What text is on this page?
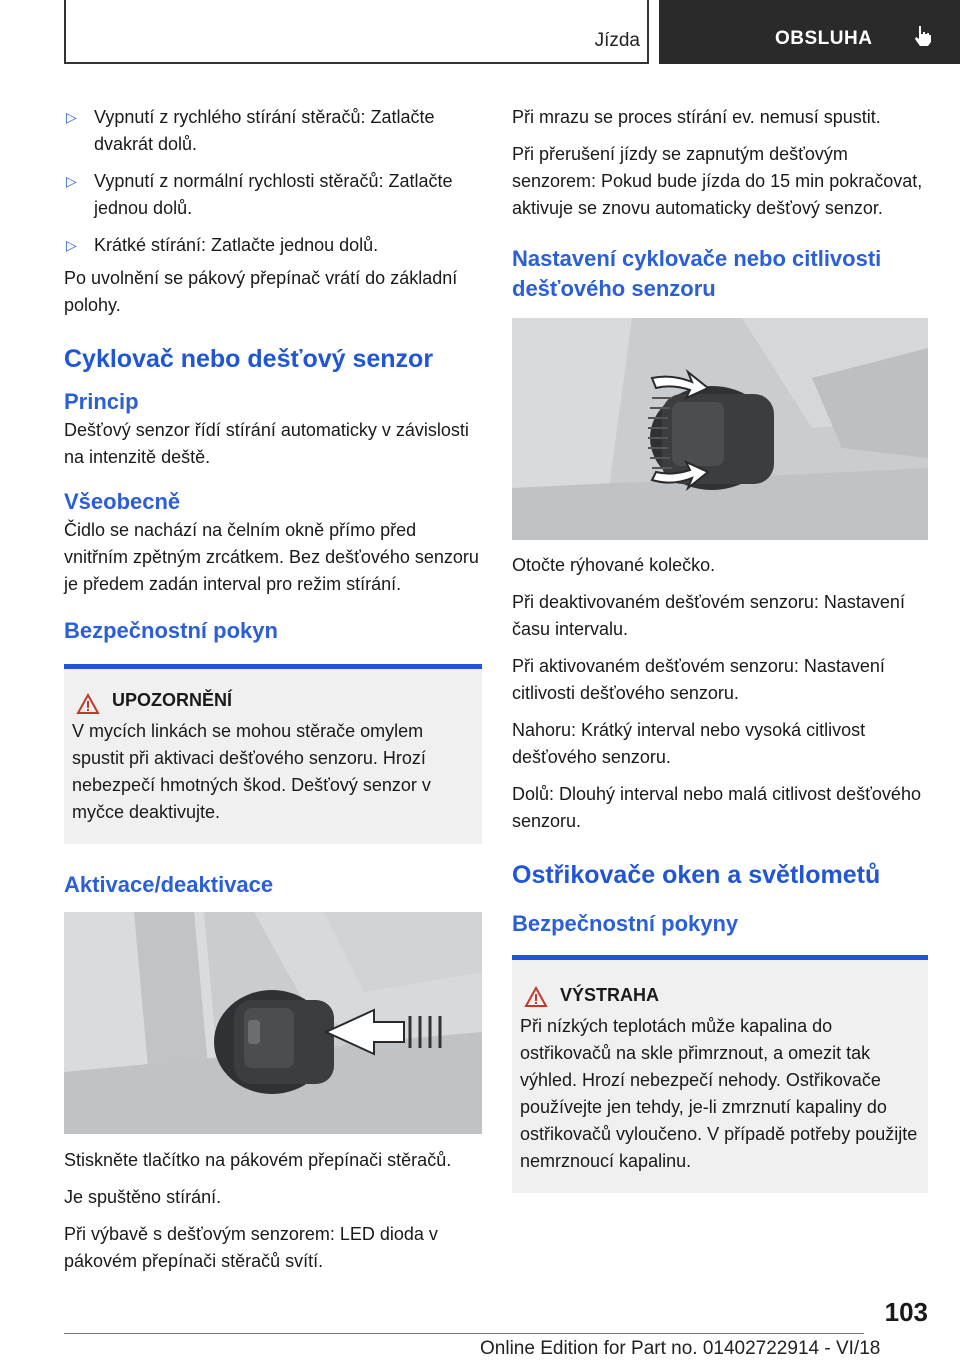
Jízda	OBSLUHA
▷ Vypnutí z rychlého stírání stěračů: Zatlačte dvakrát dolů.
▷ Vypnutí z normální rychlosti stěračů: Zatlačte jednou dolů.
▷ Krátké stírání: Zatlačte jednou dolů.

Po uvolnění se pákový přepínač vrátí do základní polohy.

Cyklovač nebo dešťový senzor
Princip

Dešťový senzor řídí stírání automaticky v závislosti na intenzitě deště.

Všeobecně

Čidlo se nachází na čelním okně přímo před vnitřním zpětným zrcátkem. Bez dešťového senzoru je předem zadán interval pro režim stírání.

Bezpečnostní pokyn
UPOZORNĚNÍ
V mycích linkách se mohou stěrače omylem spustit při aktivaci dešťového senzoru. Hrozí nebezpečí hmotných škod. Dešťový senzor v myčce deaktivujte.
Aktivace/deaktivace

Stiskněte tlačítko na pákovém přepínači stěračů.

Je spuštěno stírání.

Při výbavě s dešťovým senzorem: LED dioda v pákovém přepínači stěračů svítí.

Při mrazu se proces stírání ev. nemusí spustit.

Při přerušení jízdy se zapnutým dešťovým senzorem: Pokud bude jízda do 15 min pokračovat, aktivuje se znovu automaticky dešťový senzor.

Nastavení cyklovače nebo citlivosti dešťového senzoru

Otočte rýhované kolečko.

Při deaktivovaném dešťovém senzoru: Nastavení času intervalu.

Při aktivovaném dešťovém senzoru: Nastavení citlivosti dešťového senzoru.

Nahoru: Krátký interval nebo vysoká citlivost dešťového senzoru.

Dolů: Dlouhý interval nebo malá citlivost dešťového senzoru.

Ostřikovače oken a světlometů
Bezpečnostní pokyny
VÝSTRAHA
Při nízkých teplotách může kapalina do ostřikovačů na skle přimrznout, a omezit tak výhled. Hrozí nebezpečí nehody. Ostřikovače používejte jen tehdy, je-li zmrznutí kapaliny do ostřikovačů vyloučeno. V případě potřeby použijte nemrznoucí kapalinu.
103
Online Edition for Part no. 01402722914 - VI/18
